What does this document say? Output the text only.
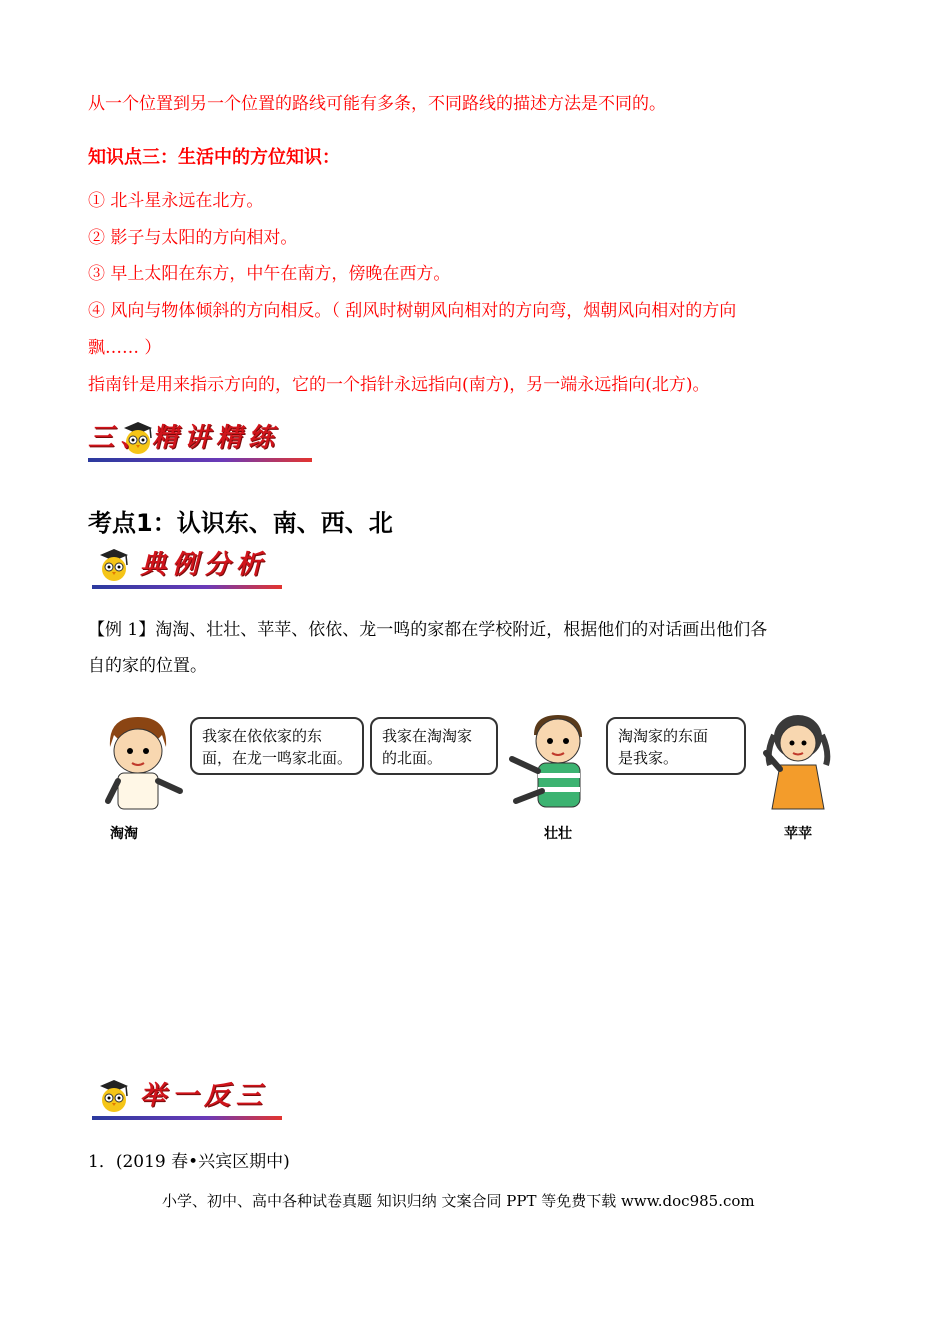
从一个位置到另一个位置的路线可能有多条，不同路线的描述方法是不同的。
知识点三：生活中的方位知识：
① 北斗星永远在北方。
② 影子与太阳的方向相对。
③ 早上太阳在东方，中午在南方，傍晚在西方。
④ 风向与物体倾斜的方向相反。（ 刮风时树朝风向相对的方向弯，烟朝风向相对的方向
飘…… ）
指南针是用来指示方向的，它的一个指针永远指向(南方)，另一端永远指向(北方)。
三、精讲精练
考点1：认识东、南、西、北
典例分析
【例 1】淘淘、壮壮、苹苹、依依、龙一鸣的家都在学校附近，根据他们的对话画出他们各
自的家的位置。
淘淘
我家在依依家的东
面，在龙一鸣家北面。
我家在淘淘家
的北面。
壮壮
淘淘家的东面
是我家。
苹苹
举一反三
1．(2019 春•兴宾区期中)
小学、初中、高中各种试卷真题 知识归纳 文案合同 PPT 等免费下载 www.doc985.com
